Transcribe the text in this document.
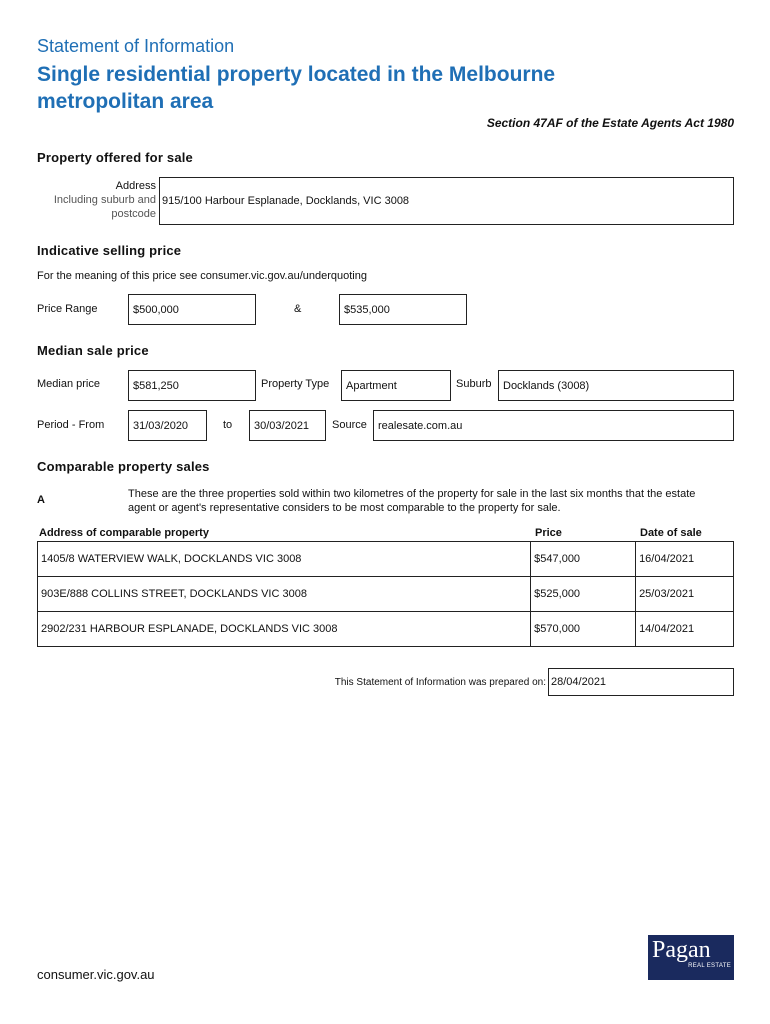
Statement of Information
Single residential property located in the Melbourne metropolitan area
Section 47AF of the Estate Agents Act 1980
Property offered for sale
Address
Including suburb and
postcode
915/100 Harbour Esplanade, Docklands, VIC 3008
Indicative selling price
For the meaning of this price see consumer.vic.gov.au/underquoting
Price Range	$500,000	&	$535,000
Median sale price
Median price	$581,250	Property Type	Apartment	Suburb	Docklands (3008)
Period - From	31/03/2020	to	30/03/2021	Source	realesate.com.au
Comparable property sales
A	These are the three properties sold within two kilometres of the property for sale in the last six months that the estate agent or agent's representative considers to be most comparable to the property for sale.
Address of comparable property	Price	Date of sale
1405/8 WATERVIEW WALK, DOCKLANDS VIC 3008	$547,000	16/04/2021
903E/888 COLLINS STREET, DOCKLANDS VIC 3008	$525,000	25/03/2021
2902/231 HARBOUR ESPLANADE, DOCKLANDS VIC 3008	$570,000	14/04/2021
This Statement of Information was prepared on: 28/04/2021
consumer.vic.gov.au
Pagan
REAL ESTATE
